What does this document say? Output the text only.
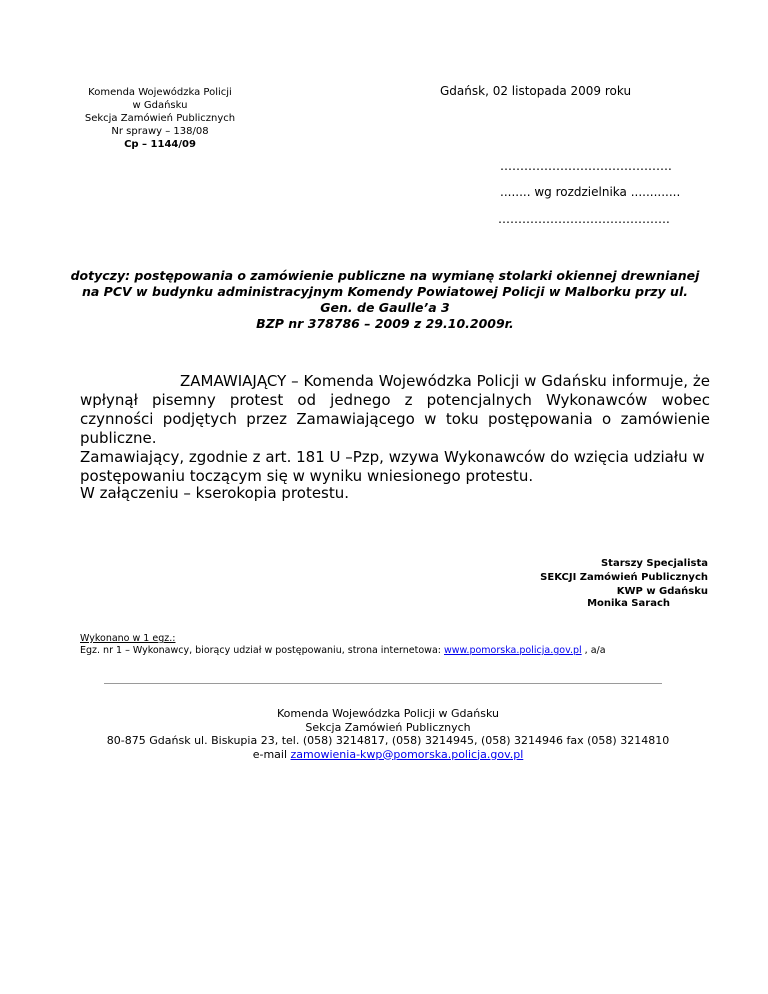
Komenda Wojewódzka Policji
w Gdańsku
Sekcja Zamówień Publicznych
Nr sprawy – 138/08
Cp – 1144/09
Gdańsk, 02 listopada 2009 roku
…………………………………….
........ wg rozdzielnika .............
…………………………………….
dotyczy: postępowania o zamówienie publiczne na wymianę stolarki okiennej drewnianej
na PCV w budynku administracyjnym Komendy Powiatowej Policji w Malborku przy ul.
Gen. de Gaulle’a 3
BZP nr 378786 – 2009 z 29.10.2009r.

ZAMAWIAJĄCY – Komenda Wojewódzka Policji w Gdańsku informuje, że wpłynął pisemny protest od jednego z potencjalnych Wykonawców wobec czynności podjętych przez Zamawiającego w toku postępowania o zamówienie publiczne.

Zamawiający, zgodnie z art. 181 U –Pzp, wzywa Wykonawców do wzięcia udziału w

postępowaniu toczącym się w wyniku wniesionego protestu.

W załączeniu – kserokopia protestu.
Starszy Specjalista
SEKCJI Zamówień Publicznych
KWP w Gdańsku
Monika Sarach
Wykonano w 1 egz.:
Egz. nr 1 – Wykonawcy, biorący udział w postępowaniu, strona internetowa: www.pomorska.policja.gov.pl , a/a
Komenda Wojewódzka Policji w Gdańsku
Sekcja Zamówień Publicznych
80-875 Gdańsk ul. Biskupia 23, tel. (058) 3214817, (058) 3214945, (058) 3214946 fax (058) 3214810
e-mail zamowienia-kwp@pomorska.policja.gov.pl
